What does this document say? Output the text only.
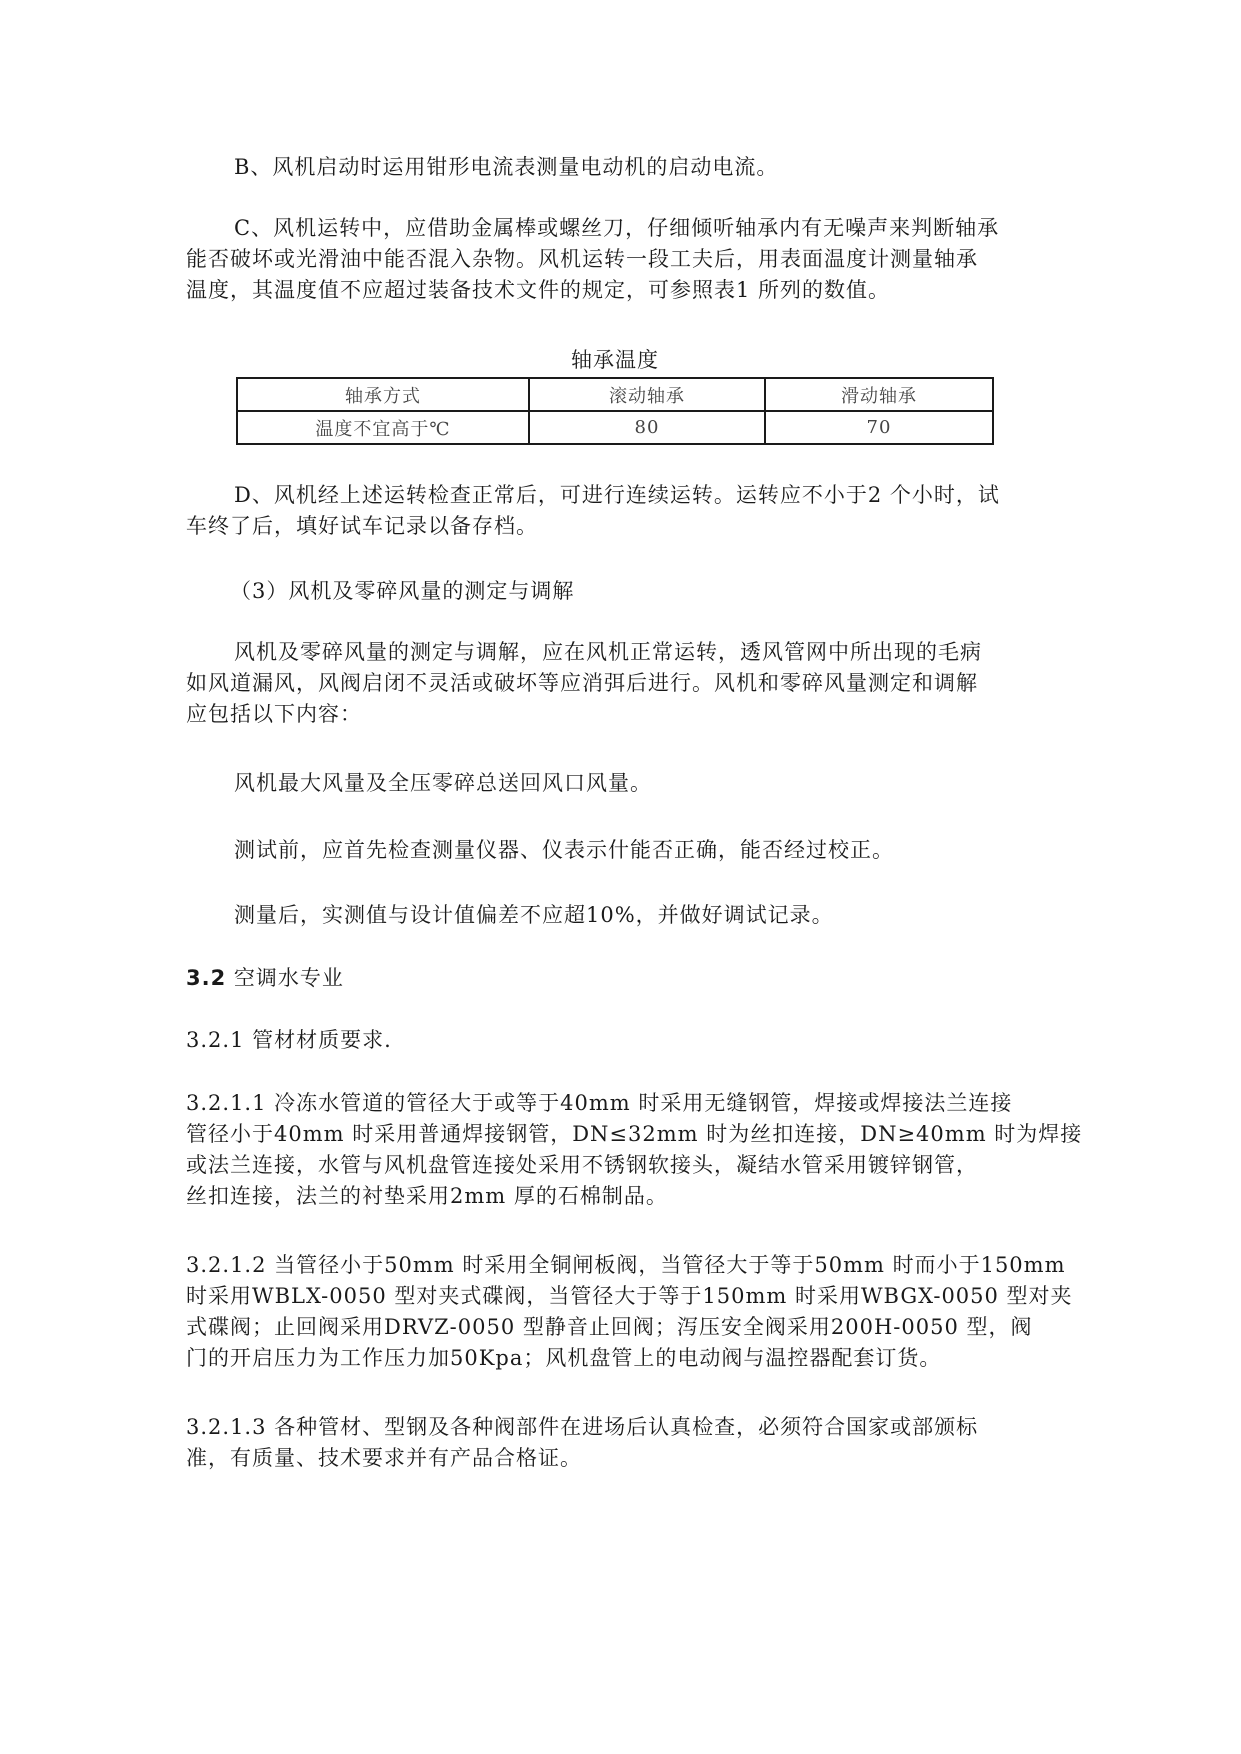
B、风机启动时运用钳形电流表测量电动机的启动电流。

C、风机运转中，应借助金属棒或螺丝刀，仔细倾听轴承内有无噪声来判断轴承
能否破坏或光滑油中能否混入杂物。风机运转一段工夫后，用表面温度计测量轴承
温度，其温度值不应超过装备技术文件的规定，可参照表1 所列的数值。

轴承温度

轴承方式	滚动轴承	滑动轴承
温度不宜高于℃	80	70

D、风机经上述运转检查正常后，可进行连续运转。运转应不小于2 个小时，试
车终了后，填好试车记录以备存档。

（3）风机及零碎风量的测定与调解

风机及零碎风量的测定与调解，应在风机正常运转，透风管网中所出现的毛病
如风道漏风，风阀启闭不灵活或破坏等应消弭后进行。风机和零碎风量测定和调解
应包括以下内容：

风机最大风量及全压零碎总送回风口风量。

测试前，应首先检查测量仪器、仪表示什能否正确，能否经过校正。

测量后，实测值与设计值偏差不应超10%，并做好调试记录。

3.2 空调水专业

3.2.1 管材材质要求.

3.2.1.1 冷冻水管道的管径大于或等于40mm 时采用无缝钢管，焊接或焊接法兰连接
管径小于40mm 时采用普通焊接钢管，DN≤32mm 时为丝扣连接，DN≥40mm 时为焊接
或法兰连接，水管与风机盘管连接处采用不锈钢软接头，凝结水管采用镀锌钢管，
丝扣连接，法兰的衬垫采用2mm 厚的石棉制品。

3.2.1.2 当管径小于50mm 时采用全铜闸板阀，当管径大于等于50mm 时而小于150mm
时采用WBLX-0050 型对夹式碟阀，当管径大于等于150mm 时采用WBGX-0050 型对夹
式碟阀；止回阀采用DRVZ-0050 型静音止回阀；泻压安全阀采用200H-0050 型，阀
门的开启压力为工作压力加50Kpa；风机盘管上的电动阀与温控器配套订货。

3.2.1.3 各种管材、型钢及各种阀部件在进场后认真检查，必须符合国家或部颁标
准，有质量、技术要求并有产品合格证。
